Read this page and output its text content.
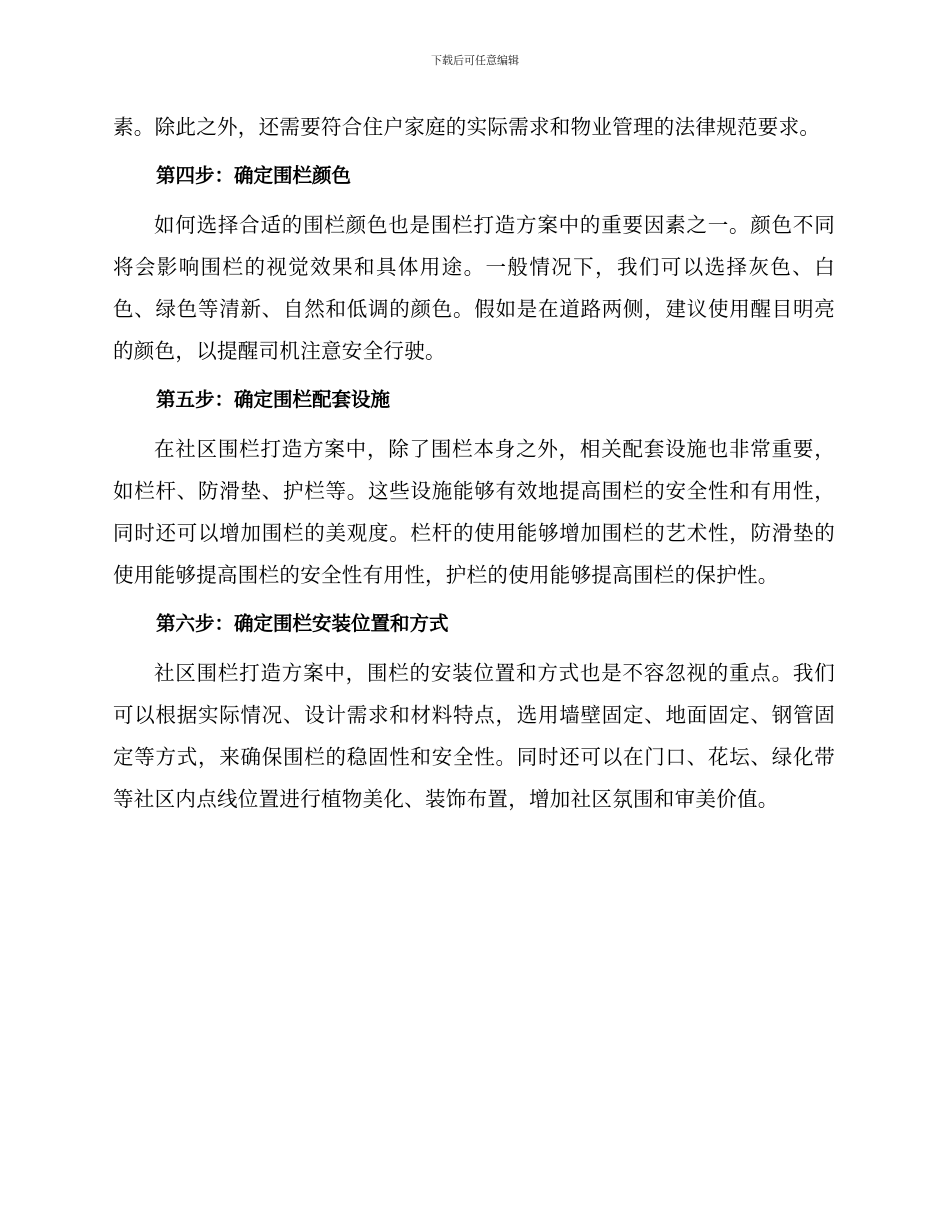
下载后可任意编辑

素。除此之外，还需要符合住户家庭的实际需求和物业管理的法律规范要求。

第四步：确定围栏颜色

如何选择合适的围栏颜色也是围栏打造方案中的重要因素之一。颜色不同将会影响围栏的视觉效果和具体用途。一般情况下，我们可以选择灰色、白色、绿色等清新、自然和低调的颜色。假如是在道路两侧，建议使用醒目明亮的颜色，以提醒司机注意安全行驶。

第五步：确定围栏配套设施

在社区围栏打造方案中，除了围栏本身之外，相关配套设施也非常重要，如栏杆、防滑垫、护栏等。这些设施能够有效地提高围栏的安全性和有用性，同时还可以增加围栏的美观度。栏杆的使用能够增加围栏的艺术性，防滑垫的使用能够提高围栏的安全性有用性，护栏的使用能够提高围栏的保护性。

第六步：确定围栏安装位置和方式

社区围栏打造方案中，围栏的安装位置和方式也是不容忽视的重点。我们可以根据实际情况、设计需求和材料特点，选用墙壁固定、地面固定、钢管固定等方式，来确保围栏的稳固性和安全性。同时还可以在门口、花坛、绿化带等社区内点线位置进行植物美化、装饰布置，增加社区氛围和审美价值。
